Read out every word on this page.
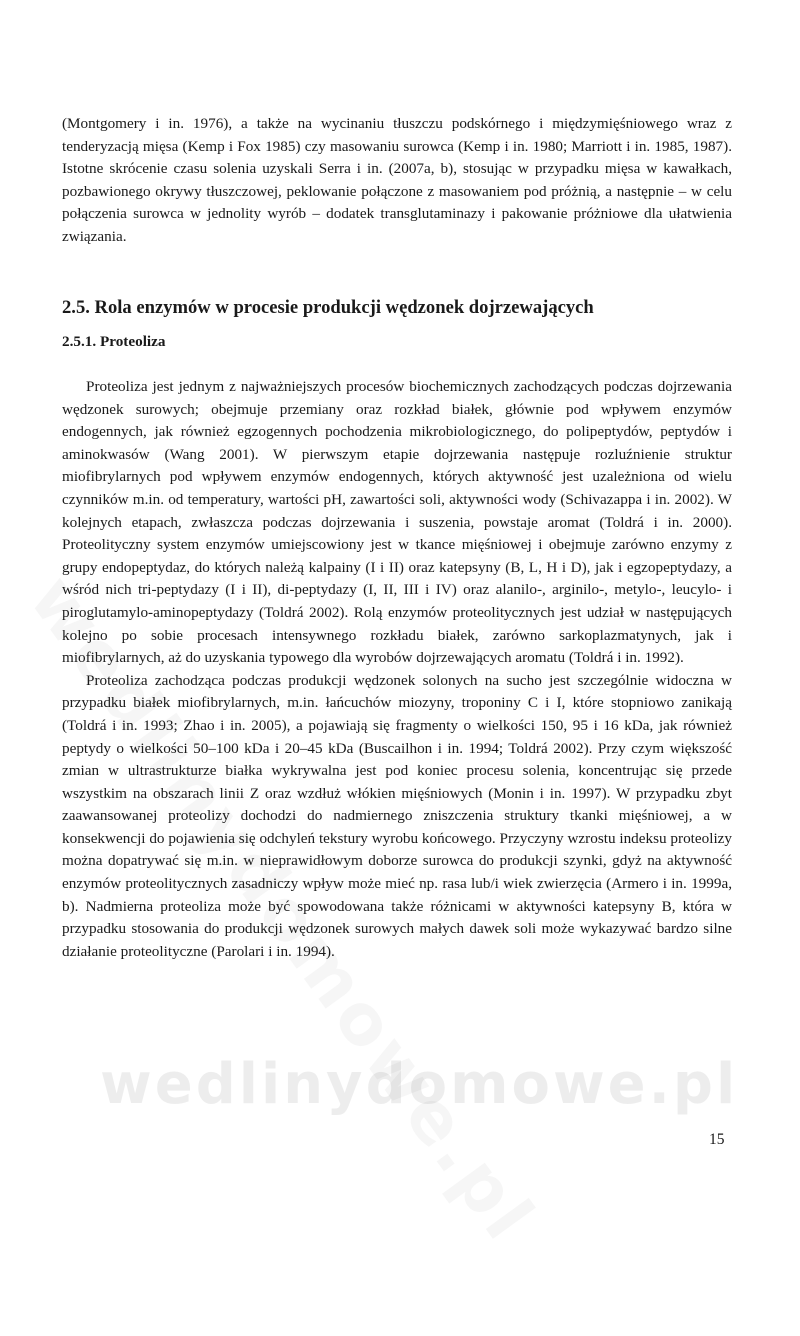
wedlinydomowe.pl

(Montgomery i in. 1976), a także na wycinaniu tłuszczu podskórnego i międzymięśniowego wraz z tenderyzacją mięsa (Kemp i Fox 1985) czy masowaniu surowca (Kemp i in. 1980; Marriott i in. 1985, 1987). Istotne skrócenie czasu solenia uzyskali Serra i in. (2007a, b), stosując w przypadku mięsa w kawałkach, pozbawionego okrywy tłuszczowej, peklowanie połączone z masowaniem pod próżnią, a następnie – w celu połączenia surowca w jednolity wyrób – dodatek transglutaminazy i pakowanie próżniowe dla ułatwienia związania.

2.5. Rola enzymów w procesie produkcji wędzonek dojrzewających
2.5.1. Proteoliza

Proteoliza jest jednym z najważniejszych procesów biochemicznych zachodzących podczas dojrzewania wędzonek surowych; obejmuje przemiany oraz rozkład białek, głównie pod wpływem enzymów endogennych, jak również egzogennych pochodzenia mikrobiologicznego, do polipeptydów, peptydów i aminokwasów (Wang 2001). W pierwszym etapie dojrzewania następuje rozluźnienie struktur miofibrylarnych pod wpływem enzymów endogennych, których aktywność jest uzależniona od wielu czynników m.in. od temperatury, wartości pH, zawartości soli, aktywności wody (Schivazappa i in. 2002). W kolejnych etapach, zwłaszcza podczas dojrzewania i suszenia, powstaje aromat (Toldrá i in. 2000). Proteolityczny system enzymów umiejscowiony jest w tkance mięśniowej i obejmuje zarówno enzymy z grupy endopeptydaz, do których należą kalpainy (I i II) oraz katepsyny (B, L, H i D), jak i egzopeptydazy, a wśród nich tri-peptydazy (I i II), di-peptydazy (I, II, III i IV) oraz alanilo-, arginilo-, metylo-, leucylo- i piroglutamylo-aminopeptydazy (Toldrá 2002). Rolą enzymów proteolitycznych jest udział w następujących kolejno po sobie procesach intensywnego rozkładu białek, zarówno sarkoplazmatynych, jak i miofibrylarnych, aż do uzyskania typowego dla wyrobów dojrzewających aromatu (Toldrá i in. 1992).

Proteoliza zachodząca podczas produkcji wędzonek solonych na sucho jest szczególnie widoczna w przypadku białek miofibrylarnych, m.in. łańcuchów miozyny, troponiny C i I, które stopniowo zanikają (Toldrá i in. 1993; Zhao i in. 2005), a pojawiają się fragmenty o wielkości 150, 95 i 16 kDa, jak również peptydy o wielkości 50–100 kDa i 20–45 kDa (Buscailhon i in. 1994; Toldrá 2002). Przy czym większość zmian w ultrastrukturze białka wykrywalna jest pod koniec procesu solenia, koncentrując się przede wszystkim na obszarach linii Z oraz wzdłuż włókien mięśniowych (Monin i in. 1997). W przypadku zbyt zaawansowanej proteolizy dochodzi do nadmiernego zniszczenia struktury tkanki mięśniowej, a w konsekwencji do pojawienia się odchyleń tekstury wyrobu końcowego. Przyczyny wzrostu indeksu proteolizy można dopatrywać się m.in. w nieprawidłowym doborze surowca do produkcji szynki, gdyż na aktywność enzymów proteolitycznych zasadniczy wpływ może mieć np. rasa lub/i wiek zwierzęcia (Armero i in. 1999a, b). Nadmierna proteoliza może być spowodowana także różnicami w aktywności katepsyny B, która w przypadku stosowania do produkcji wędzonek surowych małych dawek soli może wykazywać bardzo silne działanie proteolityczne (Parolari i in. 1994).

15
